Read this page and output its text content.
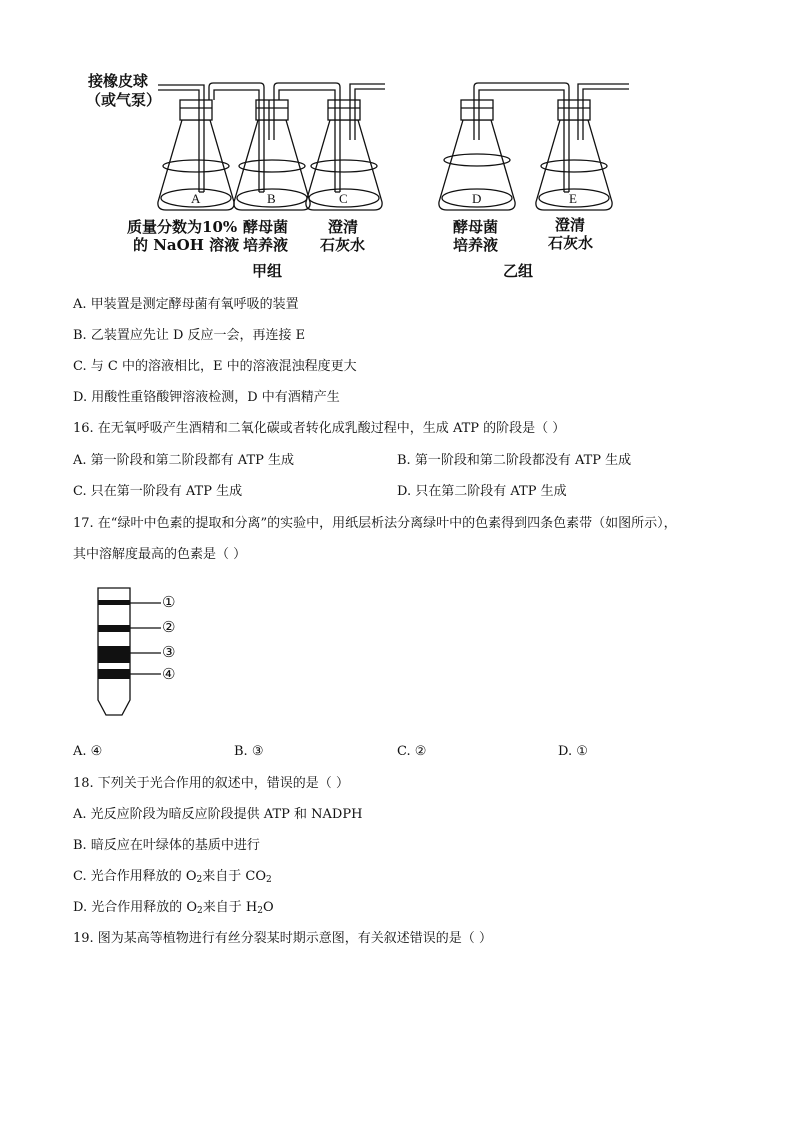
接橡皮球
（或气泵）
A	B	C	D	E
质量分数为10%
的 NaOH 溶液
酵母菌
培养液
澄清
石灰水
酵母菌
培养液
澄清
石灰水
甲组	乙组
A. 甲装置是测定酵母菌有氧呼吸的装置
B. 乙装置应先让 D 反应一会，再连接 E
C. 与 C 中的溶液相比，E 中的溶液混浊程度更大
D. 用酸性重铬酸钾溶液检测，D 中有酒精产生
16. 在无氧呼吸产生酒精和二氧化碳或者转化成乳酸过程中，生成 ATP 的阶段是（ ）
A. 第一阶段和第二阶段都有 ATP 生成	B. 第一阶段和第二阶段都没有 ATP 生成
C. 只在第一阶段有 ATP 生成	D. 只在第二阶段有 ATP 生成
17. 在“绿叶中色素的提取和分离”的实验中，用纸层析法分离绿叶中的色素得到四条色素带（如图所示），
其中溶解度最高的色素是（ ）
①
②
③
④
A. ④	B. ③	C. ②	D. ①
18. 下列关于光合作用的叙述中，错误的是（ ）
A. 光反应阶段为暗反应阶段提供 ATP 和 NADPH
B. 暗反应在叶绿体的基质中进行
C. 光合作用释放的 $O_2$来自于 $CO_2$
D. 光合作用释放的 $O_2$来自于 $H_2O$
19. 图为某高等植物进行有丝分裂某时期示意图，有关叙述错误的是（ ）
